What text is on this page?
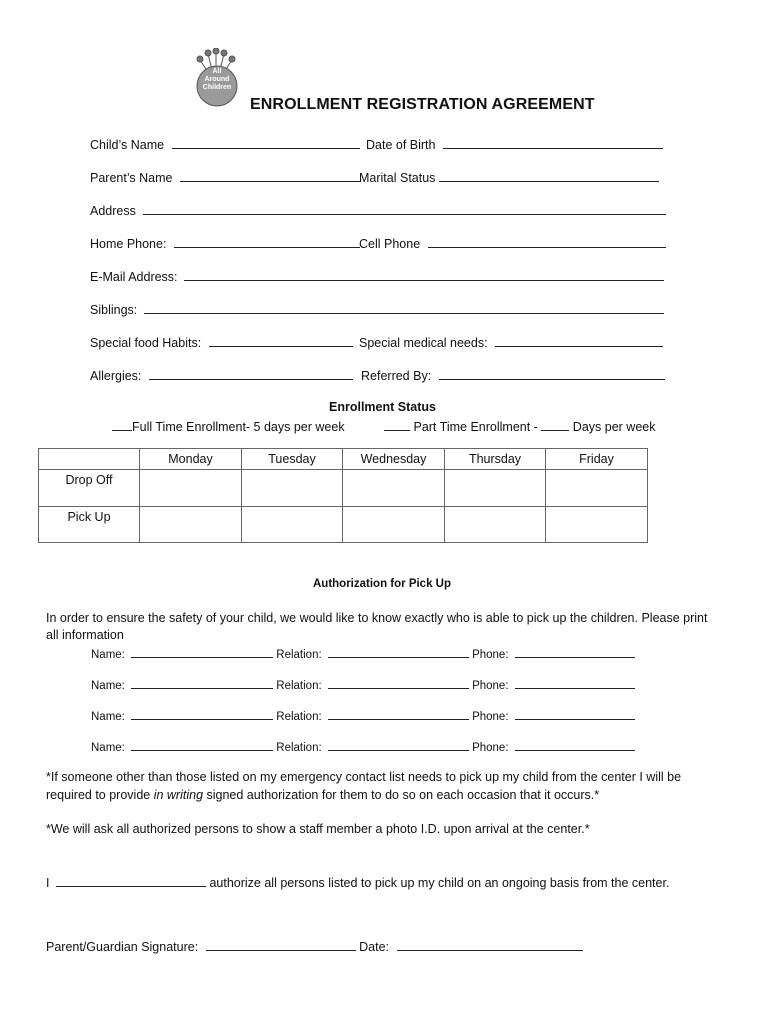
All
Around
Children
ENROLLMENT REGISTRATION AGREEMENT
Child’s Name	Date of Birth
Parent’s Name	Marital Status
Address
Home Phone:	Cell Phone
E-Mail Address:
Siblings:
Special food Habits:	Special medical needs:
Allergies:	Referred By:
Enrollment Status
Full Time Enrollment- 5 days per week	Part Time Enrollment -	Days per week
	Monday	Tuesday	Wednesday	Thursday	Friday
Drop Off					
Pick Up					
Authorization for Pick Up
In order to ensure the safety of your child, we would like to know exactly who is able to pick up the children. Please print
all information
Name:	Relation:	Phone:
Name:	Relation:	Phone:
Name:	Relation:	Phone:
Name:	Relation:	Phone:
*If someone other than those listed on my emergency contact list needs to pick up my child from the center I will be
required to provide in writing signed authorization for them to do so on each occasion that it occurs.*
*We will ask all authorized persons to show a staff member a photo I.D. upon arrival at the center.*
I	authorize all persons listed to pick up my child on an ongoing basis from the center.
Parent/Guardian Signature:	Date:
